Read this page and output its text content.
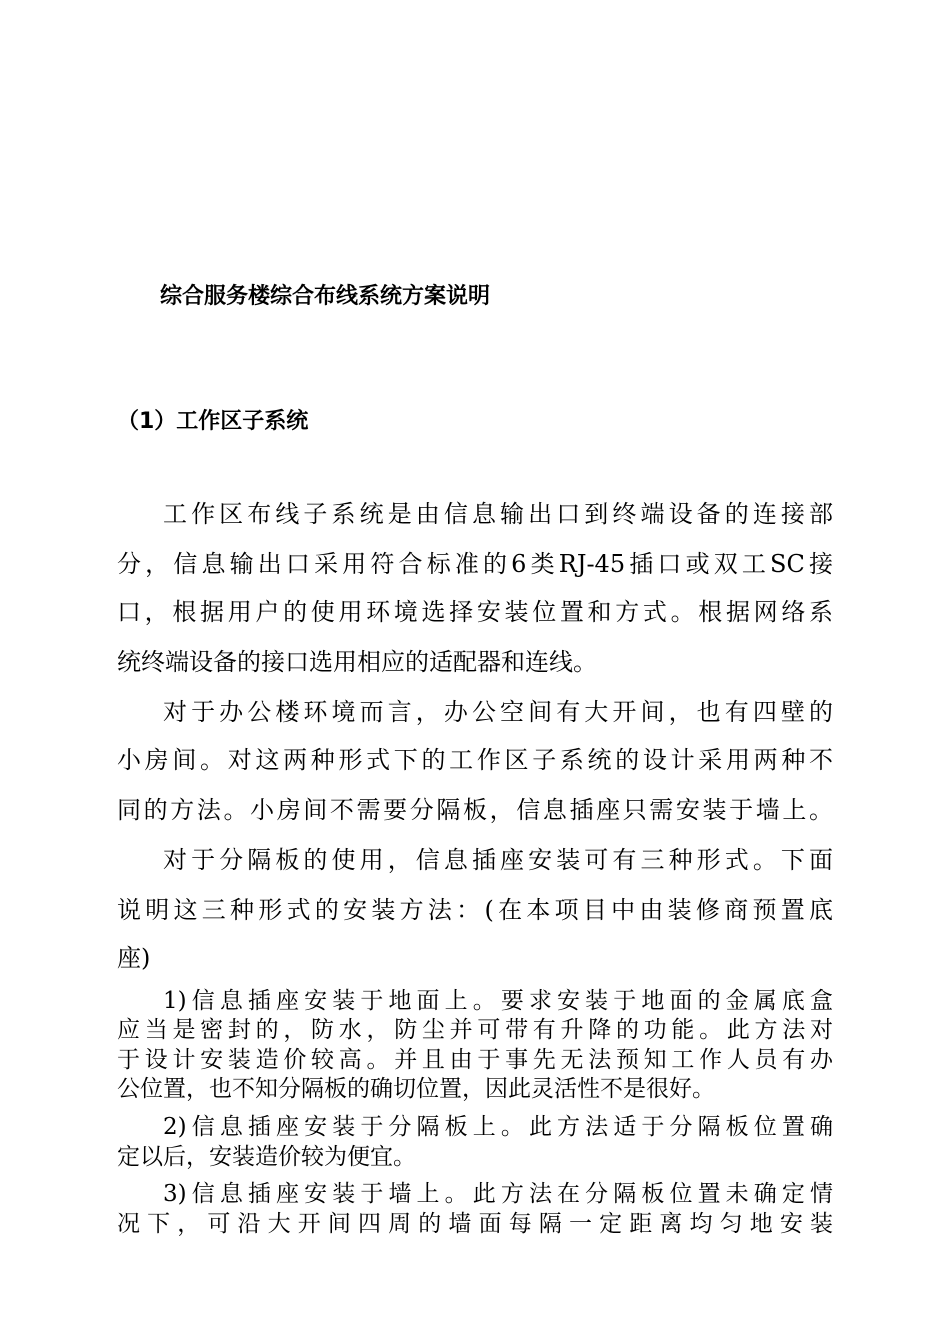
综合服务楼综合布线系统方案说明
（1）工作区子系统
工作区布线子系统是由信息输出口到终端设备的连接部
分，信息输出口采用符合标准的6类RJ-45插口或双工SC接
口，根据用户的使用环境选择安装位置和方式。根据网络系
统终端设备的接口选用相应的适配器和连线。
对于办公楼环境而言，办公空间有大开间，也有四壁的
小房间。对这两种形式下的工作区子系统的设计采用两种不
同的方法。小房间不需要分隔板，信息插座只需安装于墙上。
对于分隔板的使用，信息插座安装可有三种形式。下面
说明这三种形式的安装方法：(在本项目中由装修商预置底
座)
1)信息插座安装于地面上。要求安装于地面的金属底盒
应当是密封的，防水，防尘并可带有升降的功能。此方法对
于设计安装造价较高。并且由于事先无法预知工作人员有办
公位置，也不知分隔板的确切位置，因此灵活性不是很好。
2)信息插座安装于分隔板上。此方法适于分隔板位置确
定以后，安装造价较为便宜。
3)信息插座安装于墙上。此方法在分隔板位置未确定情
况下，可沿大开间四周的墙面每隔一定距离均匀地安装
